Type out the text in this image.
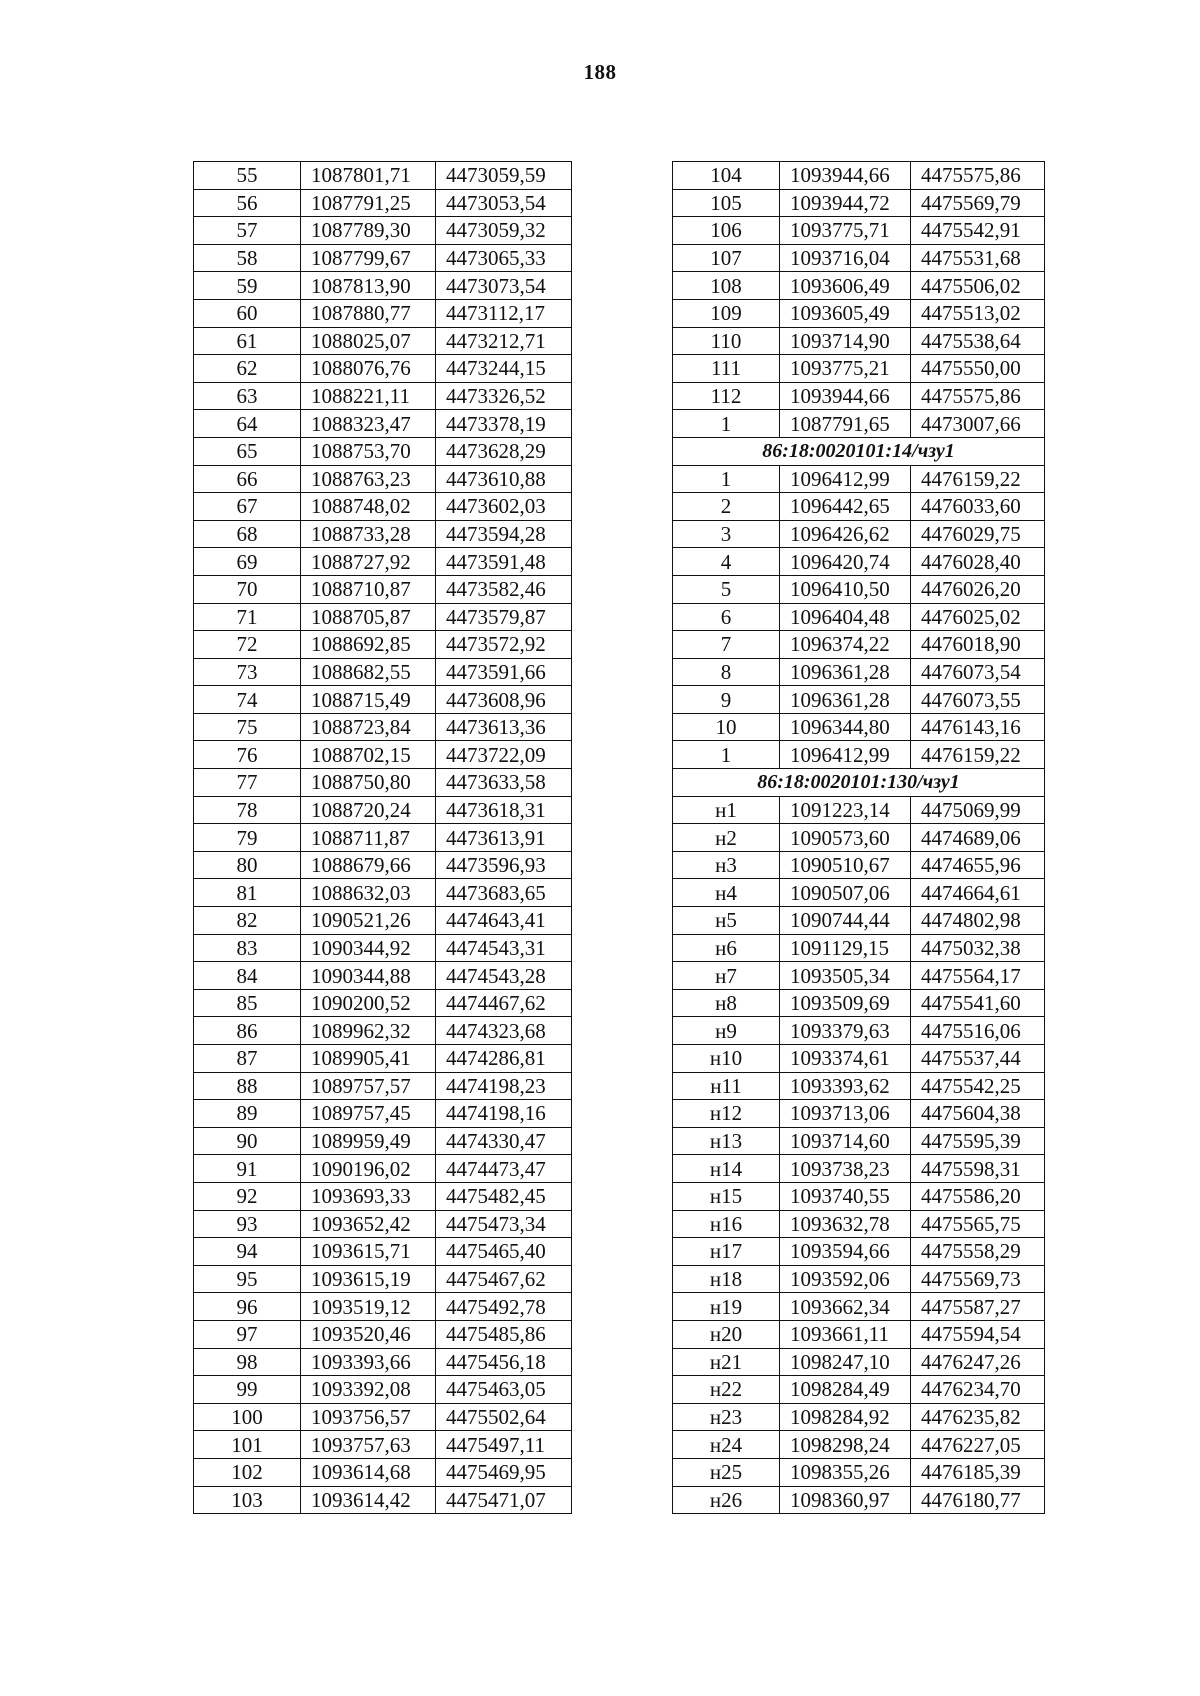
188
55	1087801,71	4473059,59
56	1087791,25	4473053,54
57	1087789,30	4473059,32
58	1087799,67	4473065,33
59	1087813,90	4473073,54
60	1087880,77	4473112,17
61	1088025,07	4473212,71
62	1088076,76	4473244,15
63	1088221,11	4473326,52
64	1088323,47	4473378,19
65	1088753,70	4473628,29
66	1088763,23	4473610,88
67	1088748,02	4473602,03
68	1088733,28	4473594,28
69	1088727,92	4473591,48
70	1088710,87	4473582,46
71	1088705,87	4473579,87
72	1088692,85	4473572,92
73	1088682,55	4473591,66
74	1088715,49	4473608,96
75	1088723,84	4473613,36
76	1088702,15	4473722,09
77	1088750,80	4473633,58
78	1088720,24	4473618,31
79	1088711,87	4473613,91
80	1088679,66	4473596,93
81	1088632,03	4473683,65
82	1090521,26	4474643,41
83	1090344,92	4474543,31
84	1090344,88	4474543,28
85	1090200,52	4474467,62
86	1089962,32	4474323,68
87	1089905,41	4474286,81
88	1089757,57	4474198,23
89	1089757,45	4474198,16
90	1089959,49	4474330,47
91	1090196,02	4474473,47
92	1093693,33	4475482,45
93	1093652,42	4475473,34
94	1093615,71	4475465,40
95	1093615,19	4475467,62
96	1093519,12	4475492,78
97	1093520,46	4475485,86
98	1093393,66	4475456,18
99	1093392,08	4475463,05
100	1093756,57	4475502,64
101	1093757,63	4475497,11
102	1093614,68	4475469,95
103	1093614,42	4475471,07
104	1093944,66	4475575,86
105	1093944,72	4475569,79
106	1093775,71	4475542,91
107	1093716,04	4475531,68
108	1093606,49	4475506,02
109	1093605,49	4475513,02
110	1093714,90	4475538,64
111	1093775,21	4475550,00
112	1093944,66	4475575,86
1	1087791,65	4473007,66
86:18:0020101:14/чзу1		
1	1096412,99	4476159,22
2	1096442,65	4476033,60
3	1096426,62	4476029,75
4	1096420,74	4476028,40
5	1096410,50	4476026,20
6	1096404,48	4476025,02
7	1096374,22	4476018,90
8	1096361,28	4476073,54
9	1096361,28	4476073,55
10	1096344,80	4476143,16
1	1096412,99	4476159,22
86:18:0020101:130/чзу1		
н1	1091223,14	4475069,99
н2	1090573,60	4474689,06
н3	1090510,67	4474655,96
н4	1090507,06	4474664,61
н5	1090744,44	4474802,98
н6	1091129,15	4475032,38
н7	1093505,34	4475564,17
н8	1093509,69	4475541,60
н9	1093379,63	4475516,06
н10	1093374,61	4475537,44
н11	1093393,62	4475542,25
н12	1093713,06	4475604,38
н13	1093714,60	4475595,39
н14	1093738,23	4475598,31
н15	1093740,55	4475586,20
н16	1093632,78	4475565,75
н17	1093594,66	4475558,29
н18	1093592,06	4475569,73
н19	1093662,34	4475587,27
н20	1093661,11	4475594,54
н21	1098247,10	4476247,26
н22	1098284,49	4476234,70
н23	1098284,92	4476235,82
н24	1098298,24	4476227,05
н25	1098355,26	4476185,39
н26	1098360,97	4476180,77
